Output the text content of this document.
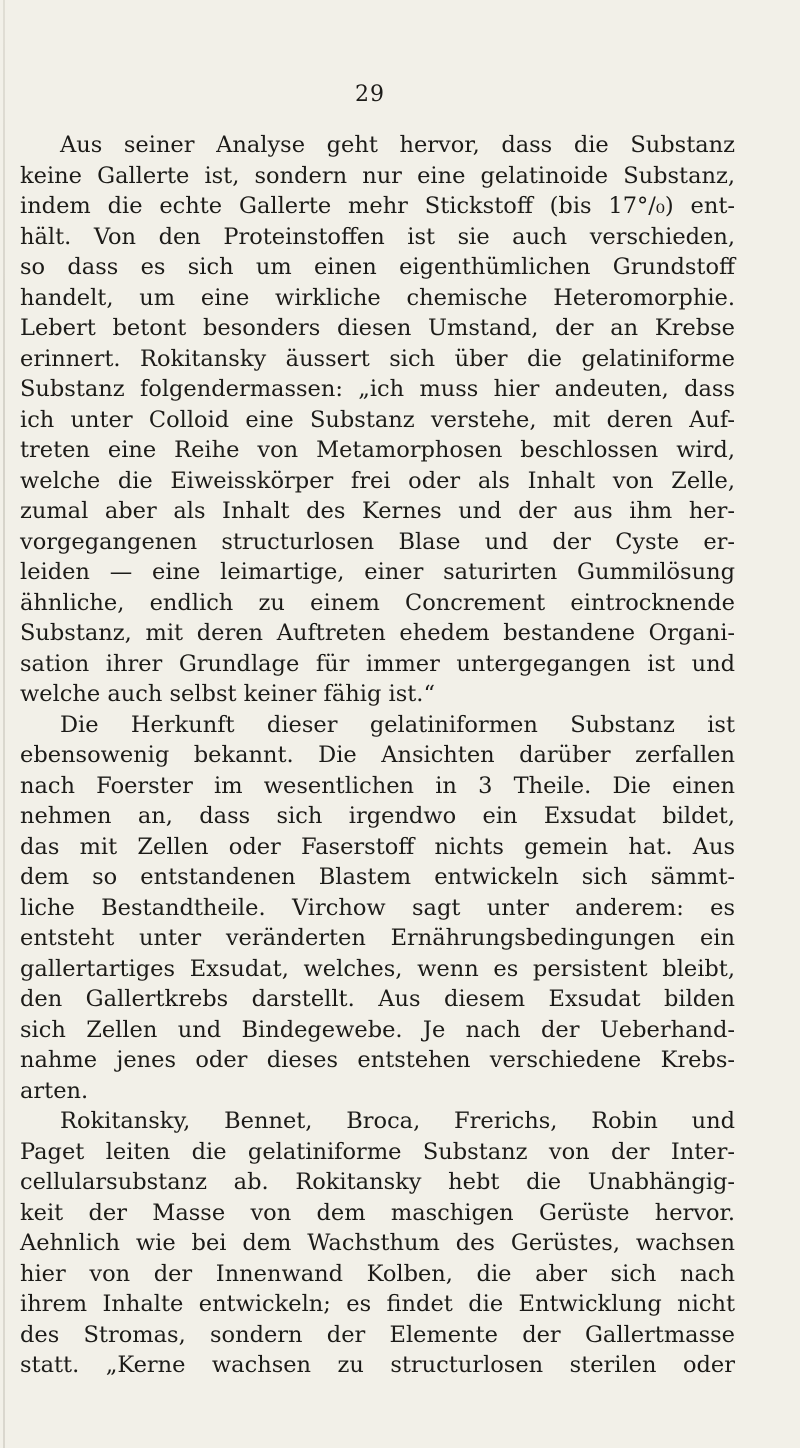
29
Aus seiner Analyse geht hervor, dass die Substanz
keine Gallerte ist, sondern nur eine gelatinoide Substanz,
indem die echte Gallerte mehr Stickstoff (bis 17°/₀) ent-
hält. Von den Proteinstoffen ist sie auch verschieden,
so dass es sich um einen eigenthümlichen Grundstoff
handelt, um eine wirkliche chemische Heteromorphie.
Lebert betont besonders diesen Umstand, der an Krebse
erinnert. Rokitansky äussert sich über die gelatiniforme
Substanz folgendermassen: „ich muss hier andeuten, dass
ich unter Colloid eine Substanz verstehe, mit deren Auf-
treten eine Reihe von Metamorphosen beschlossen wird,
welche die Eiweisskörper frei oder als Inhalt von Zelle,
zumal aber als Inhalt des Kernes und der aus ihm her-
vorgegangenen structurlosen Blase und der Cyste er-
leiden — eine leimartige, einer saturirten Gummilösung
ähnliche, endlich zu einem Concrement eintrocknende
Substanz, mit deren Auftreten ehedem bestandene Organi-
sation ihrer Grundlage für immer untergegangen ist und
welche auch selbst keiner fähig ist.“
Die Herkunft dieser gelatiniformen Substanz ist
ebensowenig bekannt. Die Ansichten darüber zerfallen
nach Foerster im wesentlichen in 3 Theile. Die einen
nehmen an, dass sich irgendwo ein Exsudat bildet,
das mit Zellen oder Faserstoff nichts gemein hat. Aus
dem so entstandenen Blastem entwickeln sich sämmt-
liche Bestandtheile. Virchow sagt unter anderem: es
entsteht unter veränderten Ernährungsbedingungen ein
gallertartiges Exsudat, welches, wenn es persistent bleibt,
den Gallertkrebs darstellt. Aus diesem Exsudat bilden
sich Zellen und Bindegewebe. Je nach der Ueberhand-
nahme jenes oder dieses entstehen verschiedene Krebs-
arten.
Rokitansky, Bennet, Broca, Frerichs, Robin und
Paget leiten die gelatiniforme Substanz von der Inter-
cellularsubstanz ab. Rokitansky hebt die Unabhängig-
keit der Masse von dem maschigen Gerüste hervor.
Aehnlich wie bei dem Wachsthum des Gerüstes, wachsen
hier von der Innenwand Kolben, die aber sich nach
ihrem Inhalte entwickeln; es findet die Entwicklung nicht
des Stromas, sondern der Elemente der Gallertmasse
statt. „Kerne wachsen zu structurlosen sterilen oder
